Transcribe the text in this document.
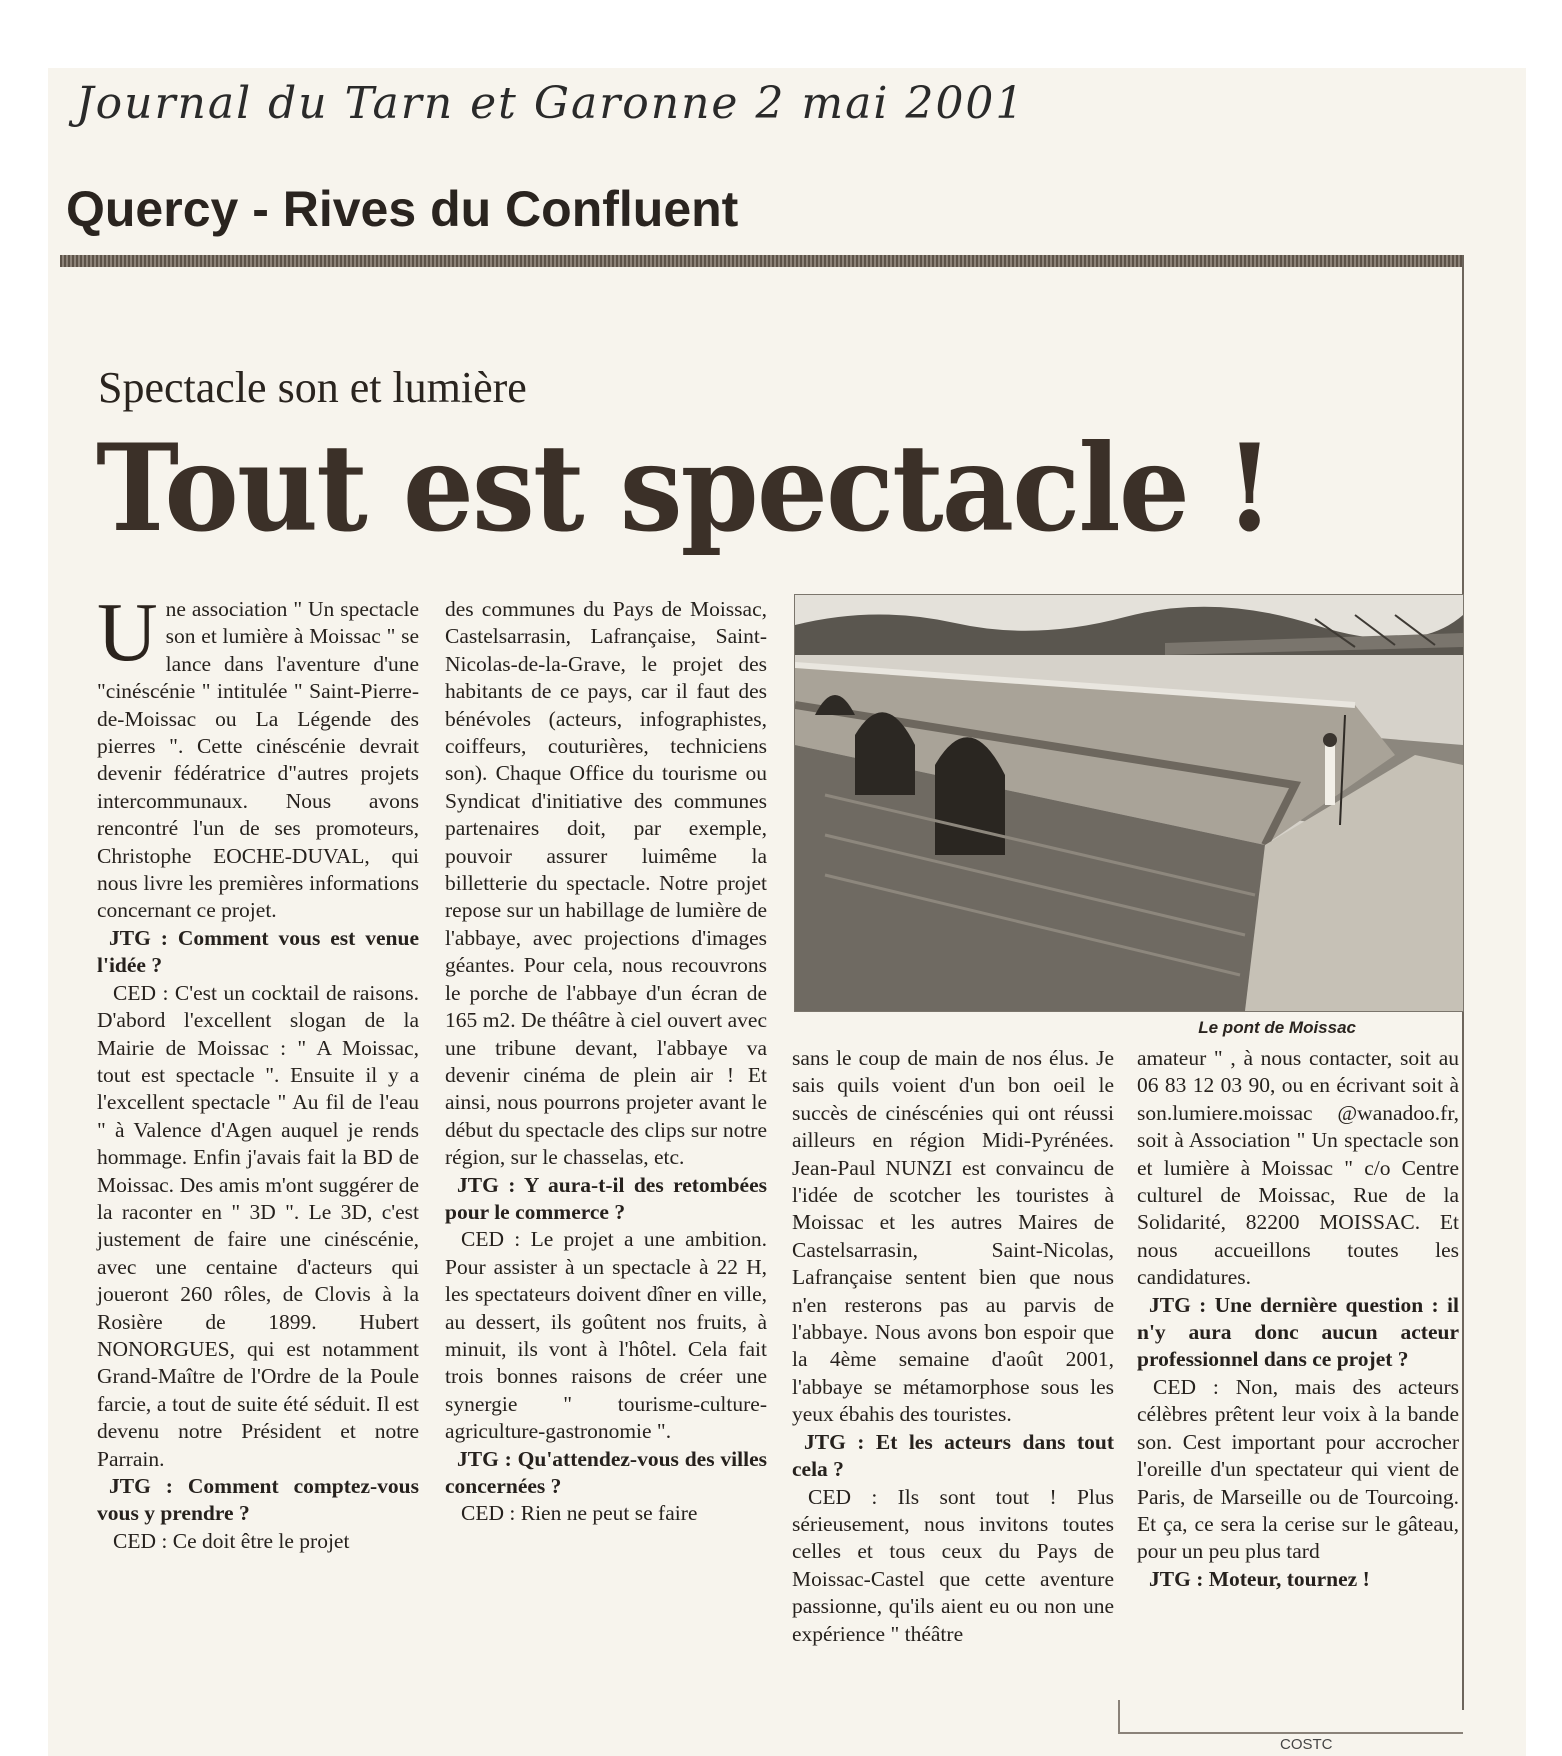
Journal du Tarn et Garonne 2 mai 2001
Quercy - Rives du Confluent
Spectacle son et lumière
Tout est spectacle !
Le pont de Moissac

Une association " Un spectacle son et lumière à Moissac " se lance dans l'aventure d'une "cinéscénie " intitulée " Saint-Pierre-de-Moissac ou La Légende des pierres ". Cette cinéscénie devrait devenir fédératrice d"autres projets intercommunaux. Nous avons rencontré l'un de ses promoteurs, Christophe EOCHE-DUVAL, qui nous livre les premières informations concernant ce projet.

JTG : Comment vous est venue l'idée ?

CED : C'est un cocktail de raisons. D'abord l'excellent slogan de la Mairie de Moissac : " A Moissac, tout est spectacle ". Ensuite il y a l'excellent spectacle " Au fil de l'eau " à Valence d'Agen auquel je rends hommage. Enfin j'avais fait la BD de Moissac. Des amis m'ont suggérer de la raconter en " 3D ". Le 3D, c'est justement de faire une cinéscénie, avec une centaine d'acteurs qui joueront 260 rôles, de Clovis à la Rosière de 1899. Hubert NONORGUES, qui est notamment Grand-Maître de l'Ordre de la Poule farcie, a tout de suite été séduit. Il est devenu notre Président et notre Parrain.

JTG : Comment comptez-vous vous y prendre ?

CED : Ce doit être le projet

des communes du Pays de Moissac, Castelsarrasin, Lafrançaise, Saint-Nicolas-de-la-Grave, le projet des habitants de ce pays, car il faut des bénévoles (acteurs, infographistes, coiffeurs, couturières, techniciens son). Chaque Office du tourisme ou Syndicat d'initiative des communes partenaires doit, par exemple, pouvoir assurer luimême la billetterie du spectacle. Notre projet repose sur un habillage de lumière de l'abbaye, avec projections d'images géantes. Pour cela, nous recouvrons le porche de l'abbaye d'un écran de 165 m2. De théâtre à ciel ouvert avec une tribune devant, l'abbaye va devenir cinéma de plein air ! Et ainsi, nous pourrons projeter avant le début du spectacle des clips sur notre région, sur le chasselas, etc.

JTG : Y aura-t-il des retombées pour le commerce ?

CED : Le projet a une ambition. Pour assister à un spectacle à 22 H, les spectateurs doivent dîner en ville, au dessert, ils goûtent nos fruits, à minuit, ils vont à l'hôtel. Cela fait trois bonnes raisons de créer une synergie " tourisme-culture-agriculture-gastronomie ".

JTG : Qu'attendez-vous des villes concernées ?

CED : Rien ne peut se faire

sans le coup de main de nos élus. Je sais quils voient d'un bon oeil le succès de cinéscénies qui ont réussi ailleurs en région Midi-Pyrénées. Jean-Paul NUNZI est convaincu de l'idée de scotcher les touristes à Moissac et les autres Maires de Castelsarrasin, Saint-Nicolas, Lafrançaise sentent bien que nous n'en resterons pas au parvis de l'abbaye. Nous avons bon espoir que la 4ème semaine d'août 2001, l'abbaye se métamorphose sous les yeux ébahis des touristes.

JTG : Et les acteurs dans tout cela ?

CED : Ils sont tout ! Plus sérieusement, nous invitons toutes celles et tous ceux du Pays de Moissac-Castel que cette aventure passionne, qu'ils aient eu ou non une expérience " théâtre

amateur " , à nous contacter, soit au 06 83 12 03 90, ou en écrivant soit à son.lumiere.moissac @wanadoo.fr, soit à Association " Un spectacle son et lumière à Moissac " c/o Centre culturel de Moissac, Rue de la Solidarité, 82200 MOISSAC. Et nous accueillons toutes les candidatures.

JTG : Une dernière question : il n'y aura donc aucun acteur professionnel dans ce projet ?

CED : Non, mais des acteurs célèbres prêtent leur voix à la bande son. Cest important pour accrocher l'oreille d'un spectateur qui vient de Paris, de Marseille ou de Tourcoing. Et ça, ce sera la cerise sur le gâteau, pour un peu plus tard

JTG : Moteur, tournez !

COSTC
